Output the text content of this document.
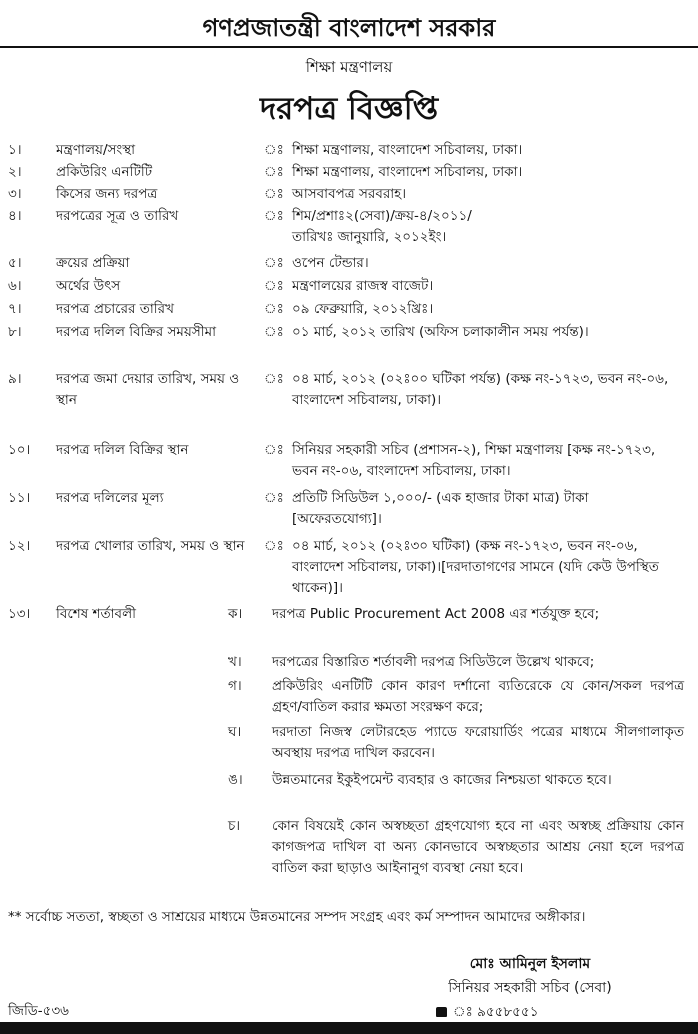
গণপ্রজাতন্ত্রী বাংলাদেশ সরকার
শিক্ষা মন্ত্রণালয়
দরপত্র বিজ্ঞপ্তি
১।	মন্ত্রণালয়/সংস্থা	ঃ শিক্ষা মন্ত্রণালয়, বাংলাদেশ সচিবালয়, ঢাকা।
২।	প্রকিউরিং এনটিটি	ঃ শিক্ষা মন্ত্রণালয়, বাংলাদেশ সচিবালয়, ঢাকা।
৩।	কিসের জন্য দরপত্র	ঃ আসবাবপত্র সরবরাহ।
৪।	দরপত্রের সূত্র ও তারিখ	ঃ শিম/প্রশাঃ২(সেবা)/ক্রয়-৪/২০১১/
তারিখঃ জানুয়ারি, ২০১২ইং।
৫।	ক্রয়ের প্রক্রিয়া	ঃ ওপেন টেন্ডার।
৬।	অর্থের উৎস	ঃ মন্ত্রণালয়ের রাজস্ব বাজেট।
৭।	দরপত্র প্রচারের তারিখ	ঃ ০৯ ফেব্রুয়ারি, ২০১২খ্রিঃ।
৮।	দরপত্র দলিল বিক্রির সময়সীমা	ঃ ০১ মার্চ, ২০১২ তারিখ (অফিস চলাকালীন সময় পর্যন্ত)।
৯।	দরপত্র জমা দেয়ার তারিখ, সময় ও স্থান
ঃ ০৪ মার্চ, ২০১২ (০২ঃ০০ ঘটিকা পর্যন্ত) (কক্ষ নং-১৭২৩, ভবন নং-০৬, বাংলাদেশ সচিবালয়, ঢাকা)।
১০। দরপত্র দলিল বিক্রির স্থান	ঃ সিনিয়র সহকারী সচিব (প্রশাসন-২), শিক্ষা মন্ত্রণালয় [কক্ষ নং-১৭২৩, ভবন নং-০৬, বাংলাদেশ সচিবালয়, ঢাকা।
১১। দরপত্র দলিলের মূল্য	ঃ প্রতিটি সিডিউল ১,০০০/- (এক হাজার টাকা মাত্র) টাকা [অফেরতযোগ্য]।
১২। দরপত্র খোলার তারিখ, সময় ও স্থান	ঃ ০৪ মার্চ, ২০১২ (০২ঃ৩০ ঘটিকা) (কক্ষ নং-১৭২৩, ভবন নং-০৬, বাংলাদেশ সচিবালয়, ঢাকা)।[দরদাতাগণের সামনে (যদি কেউ উপস্থিত থাকেন)]।
১৩। বিশেষ শর্তাবলী	ক। দরপত্র Public Procurement Act 2008 এর শর্তযুক্ত হবে;
খ। দরপত্রের বিস্তারিত শর্তাবলী দরপত্র সিডিউলে উল্লেখ থাকবে;
গ। প্রকিউরিং এনটিটি কোন কারণ দর্শানো ব্যতিরেকে যে কোন/সকল দরপত্র গ্রহণ/বাতিল করার ক্ষমতা সংরক্ষণ করে;
ঘ। দরদাতা নিজস্ব লেটারহেড প্যাডে ফরোয়ার্ডিং পত্রের মাধ্যমে সীলগালাকৃত অবস্থায় দরপত্র দাখিল করবেন।
ঙ। উন্নতমানের ইকুইপমেন্ট ব্যবহার ও কাজের নিশ্চয়তা থাকতে হবে।
চ। কোন বিষয়েই কোন অস্বচ্ছতা গ্রহণযোগ্য হবে না এবং অস্বচ্ছ প্রক্রিয়ায় কোন কাগজপত্র দাখিল বা অন্য কোনভাবে অস্বচ্ছতার আশ্রয় নেয়া হলে দরপত্র বাতিল করা ছাড়াও আইনানুগ ব্যবস্থা নেয়া হবে।
** সর্বোচ্চ সততা, স্বচ্ছতা ও সাশ্রয়ের মাধ্যমে উন্নতমানের সম্পদ সংগ্রহ এবং কর্ম সম্পাদন আমাদের অঙ্গীকার।
মোঃ আমিনুল ইসলাম
সিনিয়র সহকারী সচিব (সেবা)
জিডি-৫৩৬	ঃ ৯৫৫৮৫৫১
